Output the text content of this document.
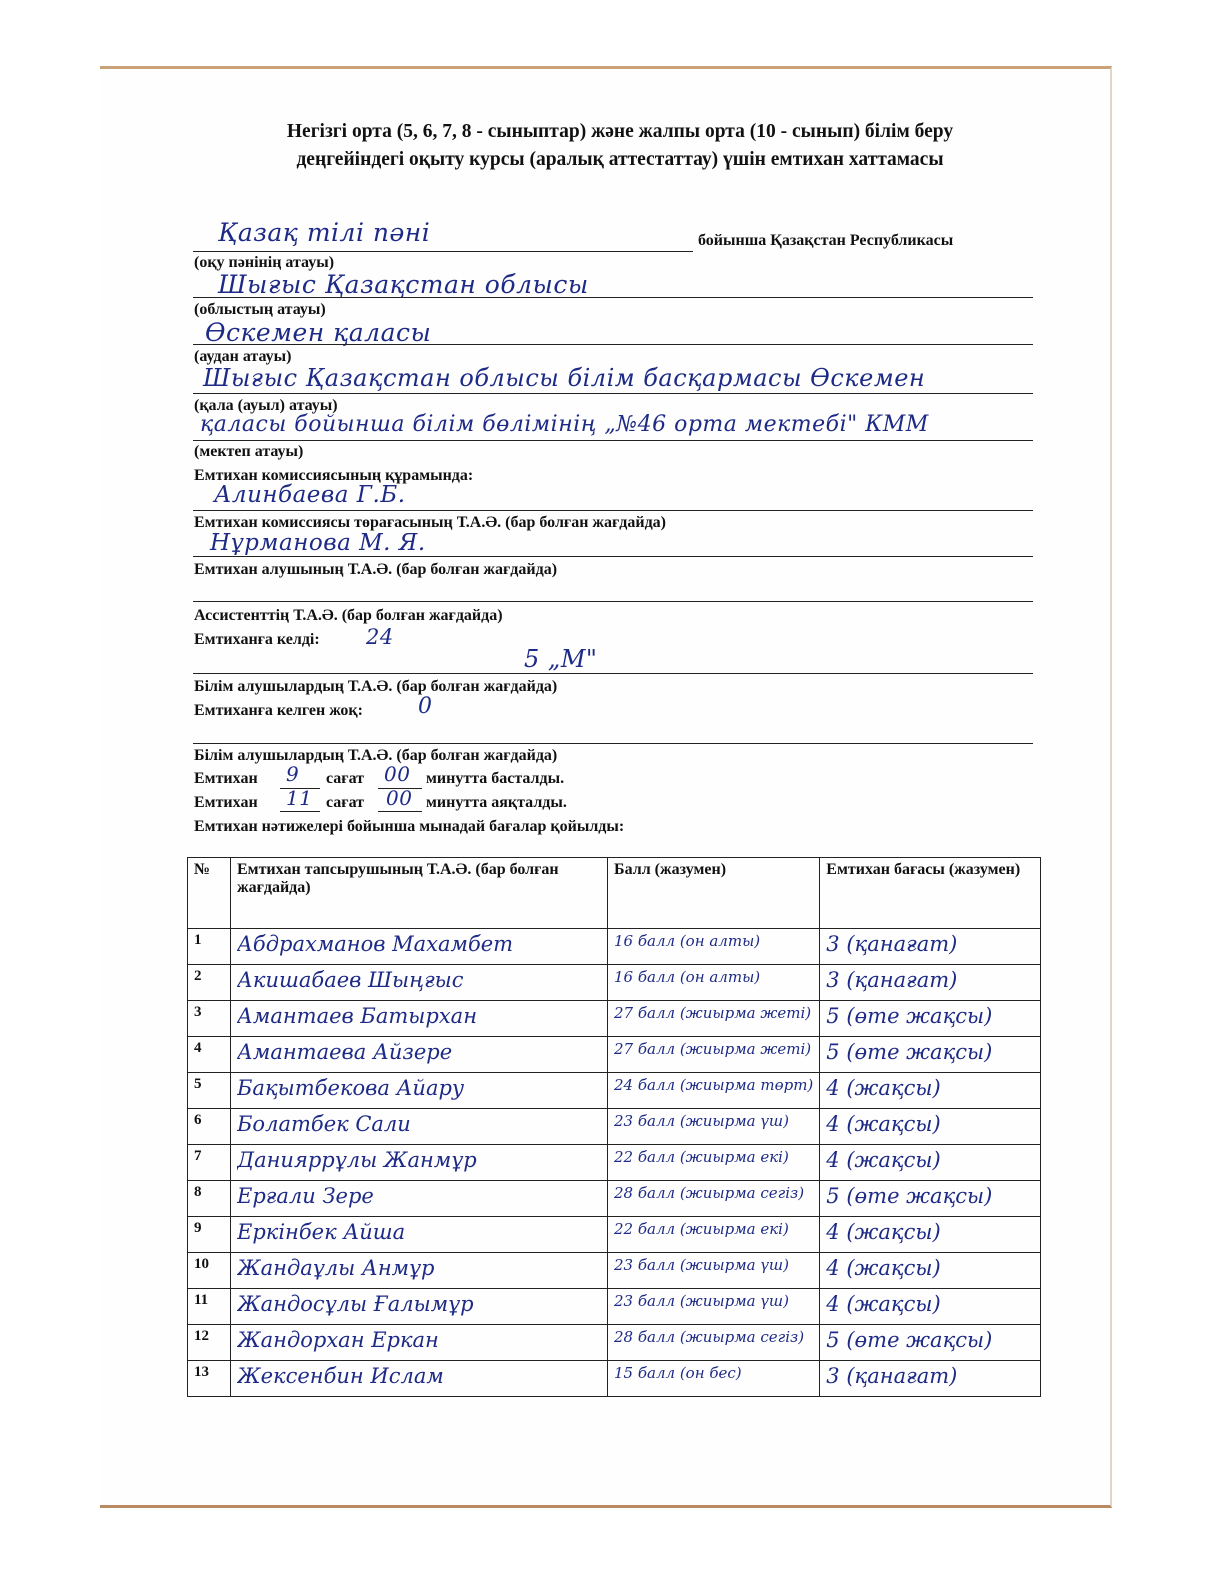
Негізгі орта (5, 6, 7, 8 - сыныптар) және жалпы орта (10 - сынып) білім беру
деңгейіндегі оқыту курсы (аралық аттестаттау) үшін емтихан хаттамасы
Қазақ тілі пәні	бойынша Қазақстан Республикасы
(оқу пәнінің атауы)
Шығыс Қазақстан облысы
(облыстың атауы)
Өскемен қаласы
(аудан атауы)
Шығыс Қазақстан облысы білім басқармасы Өскемен
(қала (ауыл) атауы)
қаласы бойынша білім бөлімінің „№46 орта мектебі" КММ
(мектеп атауы)
Емтихан комиссиясының құрамында:
Алинбаева Г.Б.
Емтихан комиссиясы төрағасының Т.А.Ә. (бар болған жағдайда)
Нұрманова М. Я.
Емтихан алушының Т.А.Ә. (бар болған жағдайда)
Ассистенттің Т.А.Ә. (бар болған жағдайда)
Емтиханға келді: 24
5 „М"
Білім алушылардың Т.А.Ә. (бар болған жағдайда)
Емтиханға келген жоқ:	0
Білім алушылардың Т.А.Ә. (бар болған жағдайда)
Емтихан 9 сағат 00 минутта басталды.
Емтихан 11 сағат 00 минутта аяқталды.
Емтихан нәтижелері бойынша мынадай бағалар қойылды:
№	Емтихан тапсырушының Т.А.Ә. (бар болған жағдайда)	Балл (жазумен)	Емтихан бағасы (жазумен)
1	Абдрахманов Махамбет	16 балл (он алты)	3 (қанағат)

2	Акишабаев Шыңғыс	16 балл (он алты)	3 (қанағат)

3	Амантаев Батырхан	27 балл (жиырма жеті)	5 (өте жақсы)

4	Амантаева Айзере	27 балл (жиырма жеті)	5 (өте жақсы)

5	Бақытбекова Айару	24 балл (жиырма төрт)	4 (жақсы)

6	Болатбек Сали	23 балл (жиырма үш)	4 (жақсы)

7	Данияррұлы Жанмұр	22 балл (жиырма екі)	4 (жақсы)

8	Ерғали Зере	28 балл (жиырма сегіз)	5 (өте жақсы)

9	Еркінбек Айша	22 балл (жиырма екі)	4 (жақсы)

10	Жандаұлы Анмұр	23 балл (жиырма үш)	4 (жақсы)

11	Жандосұлы Ғалымұр	23 балл (жиырма үш)	4 (жақсы)

12	Жандорхан Еркан	28 балл (жиырма сегіз)	5 (өте жақсы)

13	Жексенбин Ислам	15 балл (он бес)	3 (қанағат)
